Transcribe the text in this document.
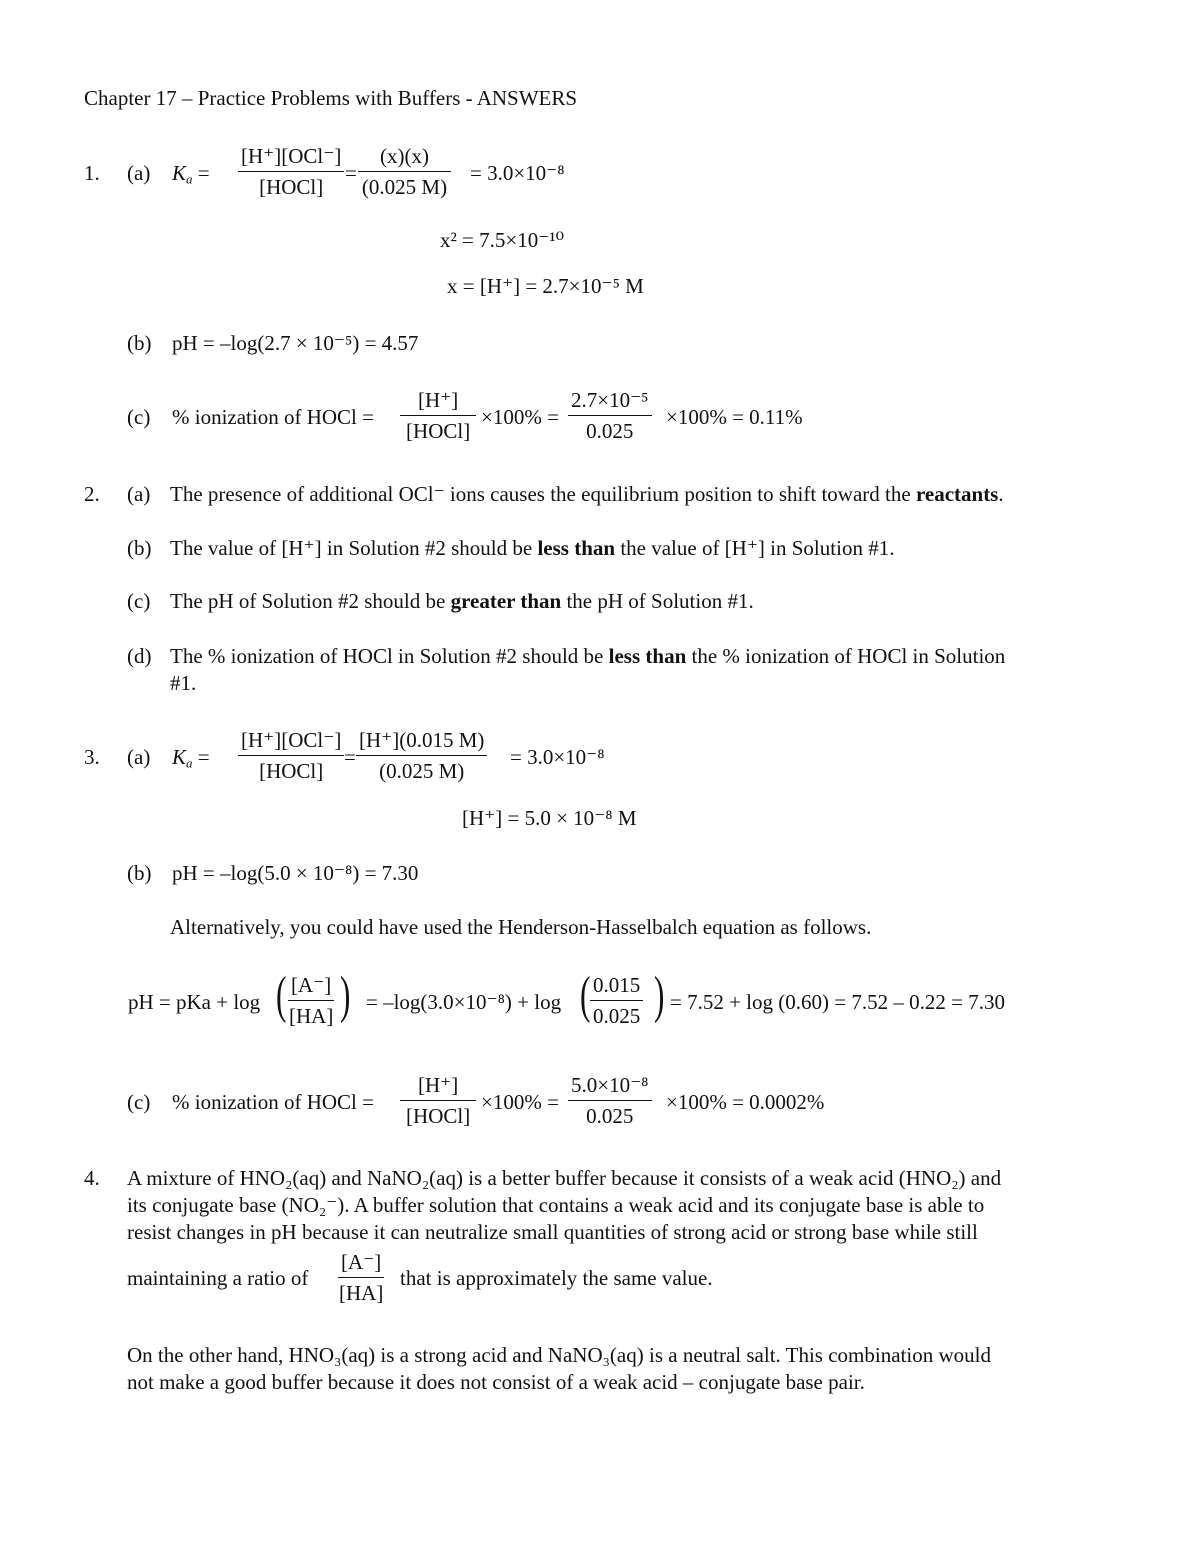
Chapter 17 – Practice Problems with Buffers - ANSWERS
1. (a) $K_a$ =
[H⁺][OCl⁻]
[HOCl]
= $\frac{(x)(x)}{(0.025 M)} = 3.0\times 10^{-8}$
x² = 7.5×10⁻¹⁰
x = [H⁺] = 2.7×10⁻⁵ M
(b) pH = –log(2.7 × 10⁻⁵) = 4.57
(c) % ionization of HOCl =
[H⁺]
[HOCl]
$\times 100\% = \frac{\text{2.7×10⁻⁵}}{0.025} \times 100\% = 0.11\%$
2. (a) The presence of additional OCl⁻ ions causes the equilibrium position to shift toward the reactants.
(b) The value of [H⁺] in Solution #2 should be less than the value of [H⁺] in Solution #1.
(c) The pH of Solution #2 should be greater than the pH of Solution #1.
(d) The % ionization of HOCl in Solution #2 should be less than the % ionization of HOCl in Solution
#1.
3. (a) $K_a$ =
[H⁺][OCl⁻]
[HOCl]
= $\frac{[H^+](0.015 M)}{(0.025 M)} = 3.0\times 10^{-8}$
[H⁺] = 5.0 × 10⁻⁸ M
(b) pH = –log(5.0 × 10⁻⁸) = 7.30
Alternatively, you could have used the Henderson-Hasselbalch equation as follows.
pH = pKa + log ( $\frac{[A^-]}{[HA]}$ ) = –log(3.0×10⁻⁸) + log ( $\frac{0.015}{0.025}$ ) = 7.52 + log (0.60) = 7.52 – 0.22 = 7.30
(c) % ionization of HOCl =
[H⁺]
[HOCl]
$\times 100\% = \frac{\text{5.0×10⁻⁸}}{0.025} \times 100\% = 0.0002\%$
4. A mixture of HNO₂(aq) and NaNO₂(aq) is a better buffer because it consists of a weak acid (HNO₂) and
its conjugate base (NO₂⁻). A buffer solution that contains a weak acid and its conjugate base is able to
resist changes in pH because it can neutralize small quantities of strong acid or strong base while still
maintaining a ratio of $\frac{[A^-]}{[HA]}$ that is approximately the same value.
On the other hand, HNO₃(aq) is a strong acid and NaNO₃(aq) is a neutral salt. This combination would
not make a good buffer because it does not consist of a weak acid – conjugate base pair.
